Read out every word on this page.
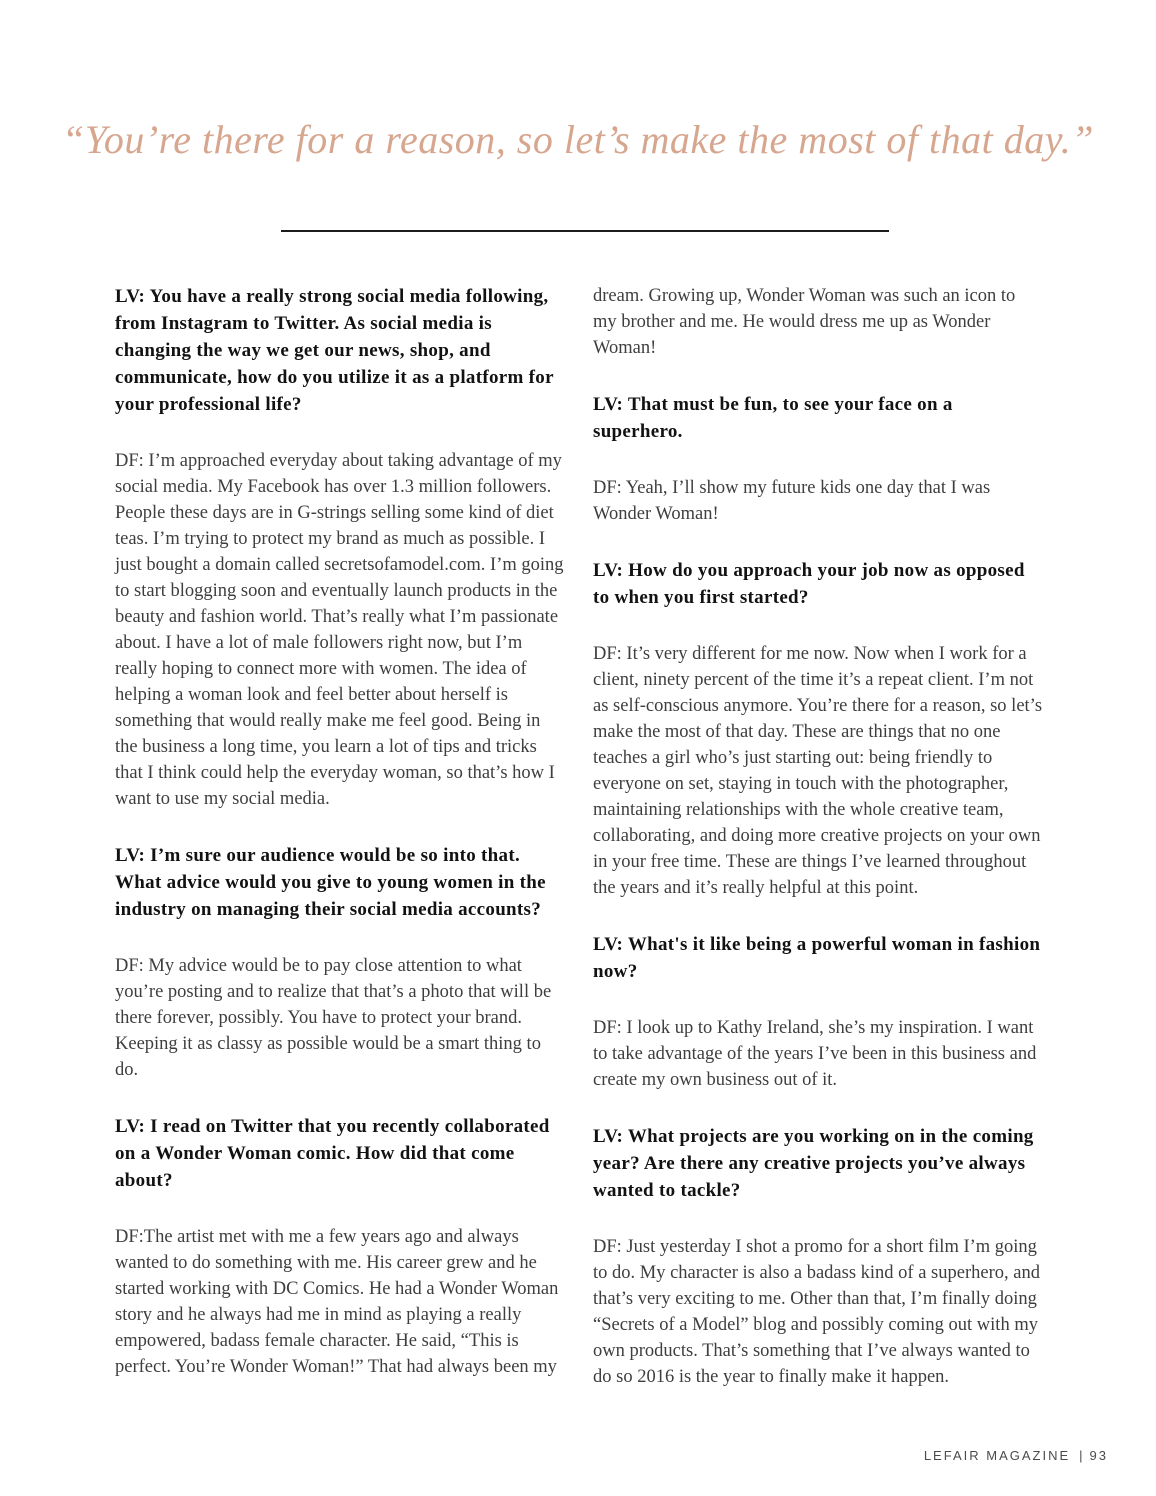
“You’re there for a reason, so let’s make the most of that day.”

LV: You have a really strong social media following, from Instagram to Twitter. As social media is changing the way we get our news, shop, and communicate, how do you utilize it as a platform for your professional life?

DF: I’m approached everyday about taking advantage of my social media. My Facebook has over 1.3 million followers. People these days are in G-strings selling some kind of diet teas. I’m trying to protect my brand as much as possible. I just bought a domain called secretsofamodel.com. I’m going to start blogging soon and eventually launch products in the beauty and fashion world. That’s really what I’m passionate about. I have a lot of male followers right now, but I’m really hoping to connect more with women. The idea of helping a woman look and feel better about herself is something that would really make me feel good. Being in the business a long time, you learn a lot of tips and tricks that I think could help the everyday woman, so that’s how I want to use my social media.

LV: I’m sure our audience would be so into that. What advice would you give to young women in the industry on managing their social media accounts?

DF: My advice would be to pay close attention to what you’re posting and to realize that that’s a photo that will be there forever, possibly. You have to protect your brand. Keeping it as classy as possible would be a smart thing to do.

LV: I read on Twitter that you recently collaborated on a Wonder Woman comic. How did that come about?

DF:The artist met with me a few years ago and always wanted to do something with me. His career grew and he started working with DC Comics. He had a Wonder Woman story and he always had me in mind as playing a really empowered, badass female character. He said, “This is perfect. You’re Wonder Woman!” That had always been my

dream. Growing up, Wonder Woman was such an icon to my brother and me. He would dress me up as Wonder Woman!

LV: That must be fun, to see your face on a superhero.

DF: Yeah, I’ll show my future kids one day that I was Wonder Woman!

LV: How do you approach your job now as opposed to when you first started?

DF: It’s very different for me now. Now when I work for a client, ninety percent of the time it’s a repeat client. I’m not as self-conscious anymore. You’re there for a reason, so let’s make the most of that day. These are things that no one teaches a girl who’s just starting out: being friendly to everyone on set, staying in touch with the photographer, maintaining relationships with the whole creative team, collaborating, and doing more creative projects on your own in your free time. These are things I’ve learned throughout the years and it’s really helpful at this point.

LV: What's it like being a powerful woman in fashion now?

DF: I look up to Kathy Ireland, she’s my inspiration. I want to take advantage of the years I’ve been in this business and create my own business out of it.

LV: What projects are you working on in the coming year? Are there any creative projects you’ve always wanted to tackle?

DF: Just yesterday I shot a promo for a short film I’m going to do. My character is also a badass kind of a superhero, and that’s very exciting to me. Other than that, I’m finally doing “Secrets of a Model” blog and possibly coming out with my own products. That’s something that I’ve always wanted to do so 2016 is the year to finally make it happen.

LEFAIR MAGAZINE | 93
